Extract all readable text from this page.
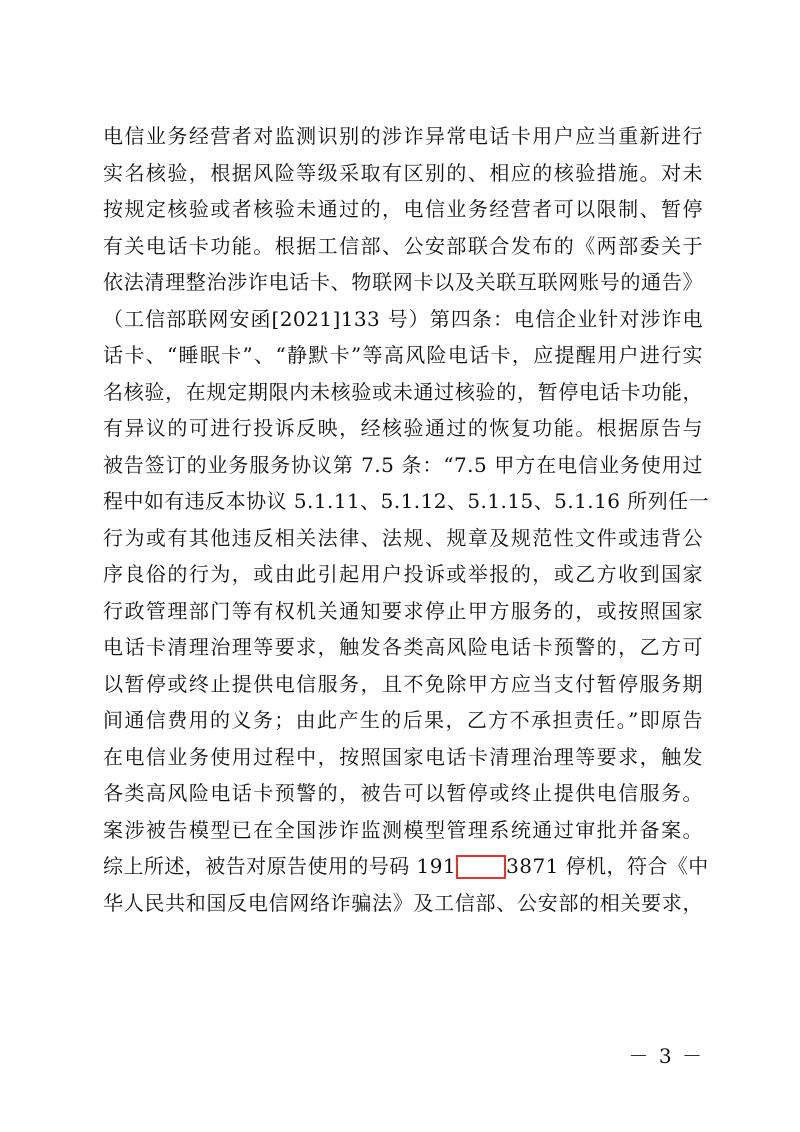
电信业务经营者对监测识别的涉诈异常电话卡用户应当重新进行
实名核验，根据风险等级采取有区别的、相应的核验措施。对未
按规定核验或者核验未通过的，电信业务经营者可以限制、暂停
有关电话卡功能。根据工信部、公安部联合发布的《两部委关于
依法清理整治涉诈电话卡、物联网卡以及关联互联网账号的通告》
（工信部联网安函[2021]133 号）第四条：电信企业针对涉诈电
话卡、“睡眠卡”、“静默卡”等高风险电话卡，应提醒用户进行实
名核验，在规定期限内未核验或未通过核验的，暂停电话卡功能，
有异议的可进行投诉反映，经核验通过的恢复功能。根据原告与
被告签订的业务服务协议第 7.5 条：“7.5 甲方在电信业务使用过
程中如有违反本协议 5.1.11、5.1.12、5.1.15、5.1.16 所列任一
行为或有其他违反相关法律、法规、规章及规范性文件或违背公
序良俗的行为，或由此引起用户投诉或举报的，或乙方收到国家
行政管理部门等有权机关通知要求停止甲方服务的，或按照国家
电话卡清理治理等要求，触发各类高风险电话卡预警的，乙方可
以暂停或终止提供电信服务，且不免除甲方应当支付暂停服务期
间通信费用的义务；由此产生的后果，乙方不承担责任。”即原告
在电信业务使用过程中，按照国家电话卡清理治理等要求，触发
各类高风险电话卡预警的，被告可以暂停或终止提供电信服务。
案涉被告模型已在全国涉诈监测模型管理系统通过审批并备案。
综上所述，被告对原告使用的号码 191	3871 停机，符合《中
华人民共和国反电信网络诈骗法》及工信部、公安部的相关要求，
－ 3 －
